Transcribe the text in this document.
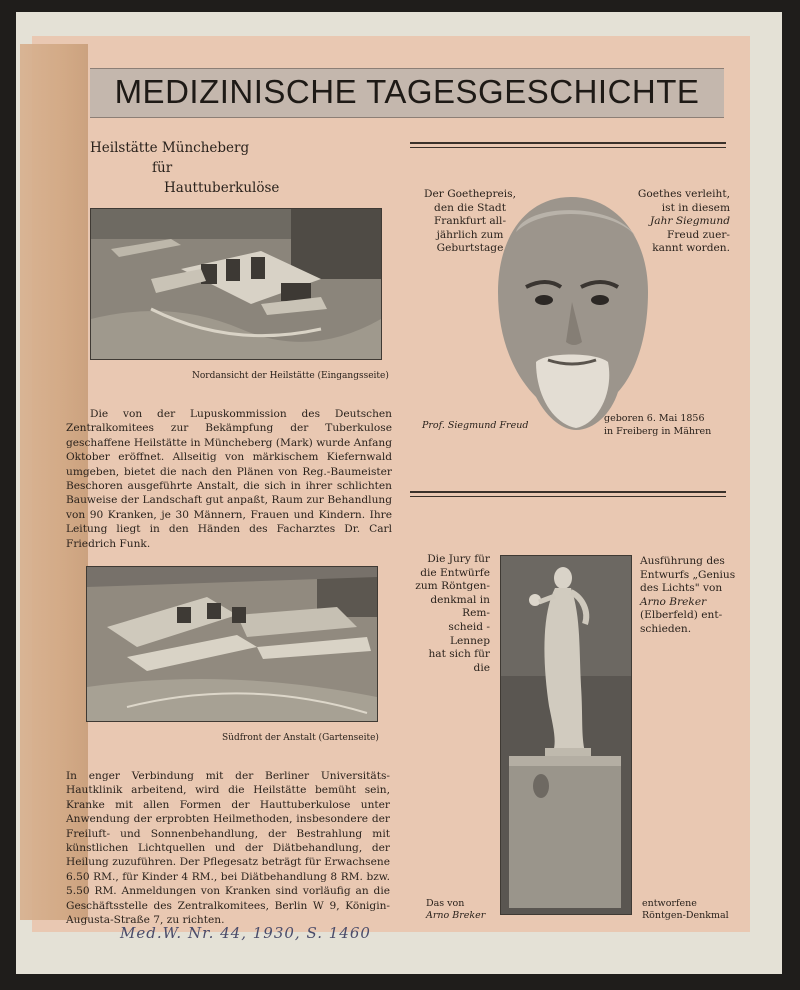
MEDIZINISCHE TAGESGESCHICHTE
Heilstätte Müncheberg
für
Hauttuberkulöse
Nordansicht der Heilstätte (Eingangsseite)
Die von der Lupuskommission des Deutschen Zentralkomitees zur Bekämpfung der Tuberkulose geschaffene Heilstätte in Müncheberg (Mark) wurde Anfang Oktober eröffnet. Allseitig von märkischem Kiefernwald umgeben, bietet die nach den Plänen von Reg.-Baumeister Beschoren ausgeführte Anstalt, die sich in ihrer schlichten Bauweise der Landschaft gut anpaßt, Raum zur Behandlung von 90 Kranken, je 30 Männern, Frauen und Kindern. Ihre Leitung liegt in den Händen des Facharztes Dr. Carl Friedrich Funk.
Südfront der Anstalt (Gartenseite)
In enger Verbindung mit der Berliner Universitäts-Hautklinik arbeitend, wird die Heilstätte bemüht sein, Kranke mit allen Formen der Hauttuberkulose unter Anwendung der erprobten Heilmethoden, insbesondere der Freiluft- und Sonnenbehandlung, der Bestrahlung mit künstlichen Lichtquellen und der Diätbehandlung, der Heilung zuzuführen. Der Pflegesatz beträgt für Erwachsene 6.50 RM., für Kinder 4 RM., bei Diätbehandlung 8 RM. bzw. 5.50 RM. Anmeldungen von Kranken sind vorläufig an die Geschäftsstelle des Zentralkomitees, Berlin W 9, Königin-Augusta-Straße 7, zu richten.
Der Goethepreis,
den die Stadt
Frankfurt all-
jährlich zum
Geburtstage
Goethes verleiht,
ist in diesem
Jahr Siegmund
Freud zuer-
kannt worden.
Prof. Siegmund Freud
geboren 6. Mai 1856
in Freiberg in Mähren
Die Jury für
die Entwürfe
zum Röntgen-
denkmal in Rem-
scheid - Lennep
hat sich für die
Ausführung des
Entwurfs „Genius
des Lichts" von
Arno Breker
(Elberfeld) ent-
schieden.
Das von
Arno Breker
entworfene
Röntgen-Denkmal
Med.W. Nr. 44, 1930, S. 1460
